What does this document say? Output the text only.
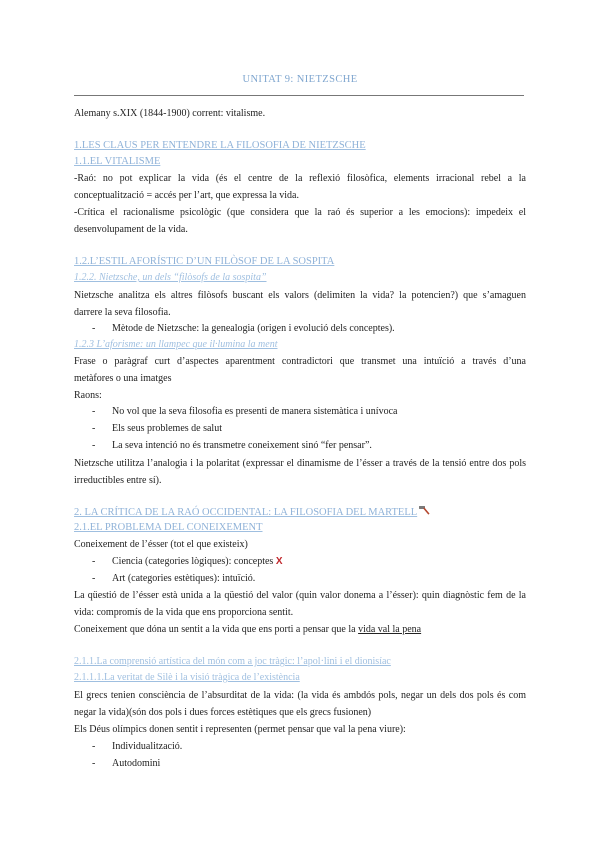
UNITAT 9: NIETZSCHE
Alemany s.XIX (1844-1900) corrent: vitalisme.
1.LES CLAUS PER ENTENDRE LA FILOSOFIA DE NIETZSCHE
1.1.EL VITALISME
-Raó: no pot explicar la vida (és el centre de la reflexió filosòfica, elements irracional rebel a la
conceptualització = accés per l’art, que expressa la vida.
-Crítica el racionalisme psicològic (que considera que la raó és superior a les emocions): impedeix el
desenvolupament de la vida.
1.2.L’ESTIL AFORÍSTIC D’UN FILÒSOF DE LA SOSPITA
1.2.2. Nietzsche, un dels “filòsofs de la sospita”
Nietzsche analitza els altres filòsofs buscant els valors (delimiten la vida? la potencien?) que s’amaguen
darrere la seva filosofia.
- Mètode de Nietzsche: la genealogia (origen i evolució dels conceptes).
1.2.3 L’aforisme: un llampec que il·lumina la ment
Frase o paràgraf curt d’aspectes aparentment contradictori que transmet una intuïció a través d’una
metàfores o una imatges
Raons:
- No vol que la seva filosofia es presenti de manera sistemàtica i unívoca
- Els seus problemes de salut
- La seva intenció no és transmetre coneixement sinó “fer pensar”.
Nietzsche utilitza l’analogia i la polaritat (expressar el dinamisme de l’ésser a través de la tensió entre dos pols
irreductibles entre sí).
2. LA CRÍTICA DE LA RAÓ OCCIDENTAL: LA FILOSOFIA DEL MARTELL
2.1.EL PROBLEMA DEL CONEIXEMENT
Coneixement de l’ésser (tot el que existeix)
- Ciencia (categories lògiques): conceptes X
- Art (categories estètiques): intuïció.
La qüestió de l’ésser està unida a la qüestió del valor (quin valor donema a l’ésser): quin diagnòstic fem de la
vida: compromís de la vida que ens proporciona sentit.
Coneixement que dóna un sentit a la vida que ens porti a pensar que la vida val la pena
2.1.1.La comprensió artística del món com a joc tràgic: l’apol·lini i el dionisíac
2.1.1.1.La veritat de Silè i la visió tràgica de l’existència
El grecs tenien consciència de l’absurditat de la vida: (la vida és ambdós pols, negar un dels dos pols és com
negar la vida)(són dos pols i dues forces estètiques que els grecs fusionen)
Els Déus olímpics donen sentit i representen (permet pensar que val la pena viure):
- Individualització.
- Autodomini
